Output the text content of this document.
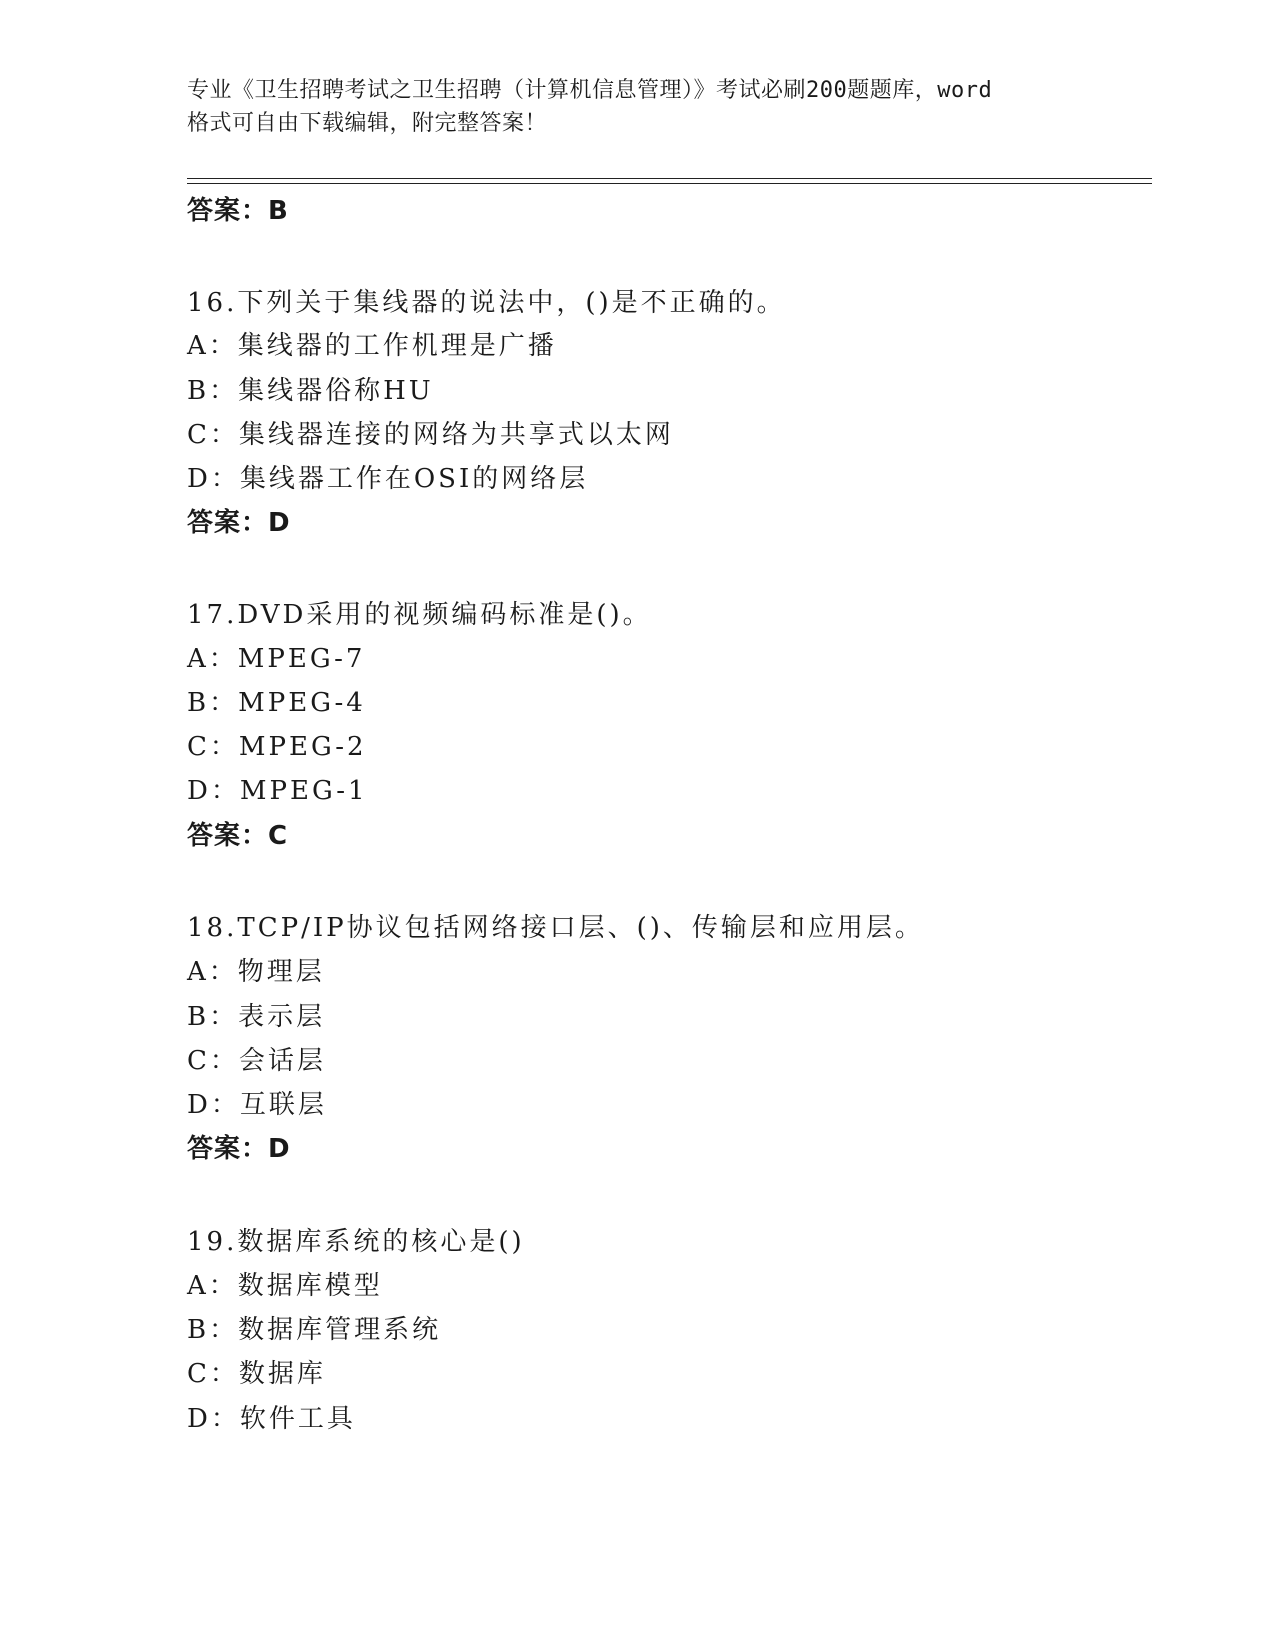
专业《卫生招聘考试之卫生招聘（计算机信息管理）》考试必刷200题题库，word
格式可自由下载编辑，附完整答案！
答案：B
16.下列关于集线器的说法中，()是不正确的。
A：集线器的工作机理是广播
B：集线器俗称HU
C：集线器连接的网络为共享式以太网
D：集线器工作在OSI的网络层
答案：D
17.DVD采用的视频编码标准是()。
A：MPEG-7
B：MPEG-4
C：MPEG-2
D：MPEG-1
答案：C
18.TCP/IP协议包括网络接口层、()、传输层和应用层。
A：物理层
B：表示层
C：会话层
D：互联层
答案：D
19.数据库系统的核心是()
A：数据库模型
B：数据库管理系统
C：数据库
D：软件工具
